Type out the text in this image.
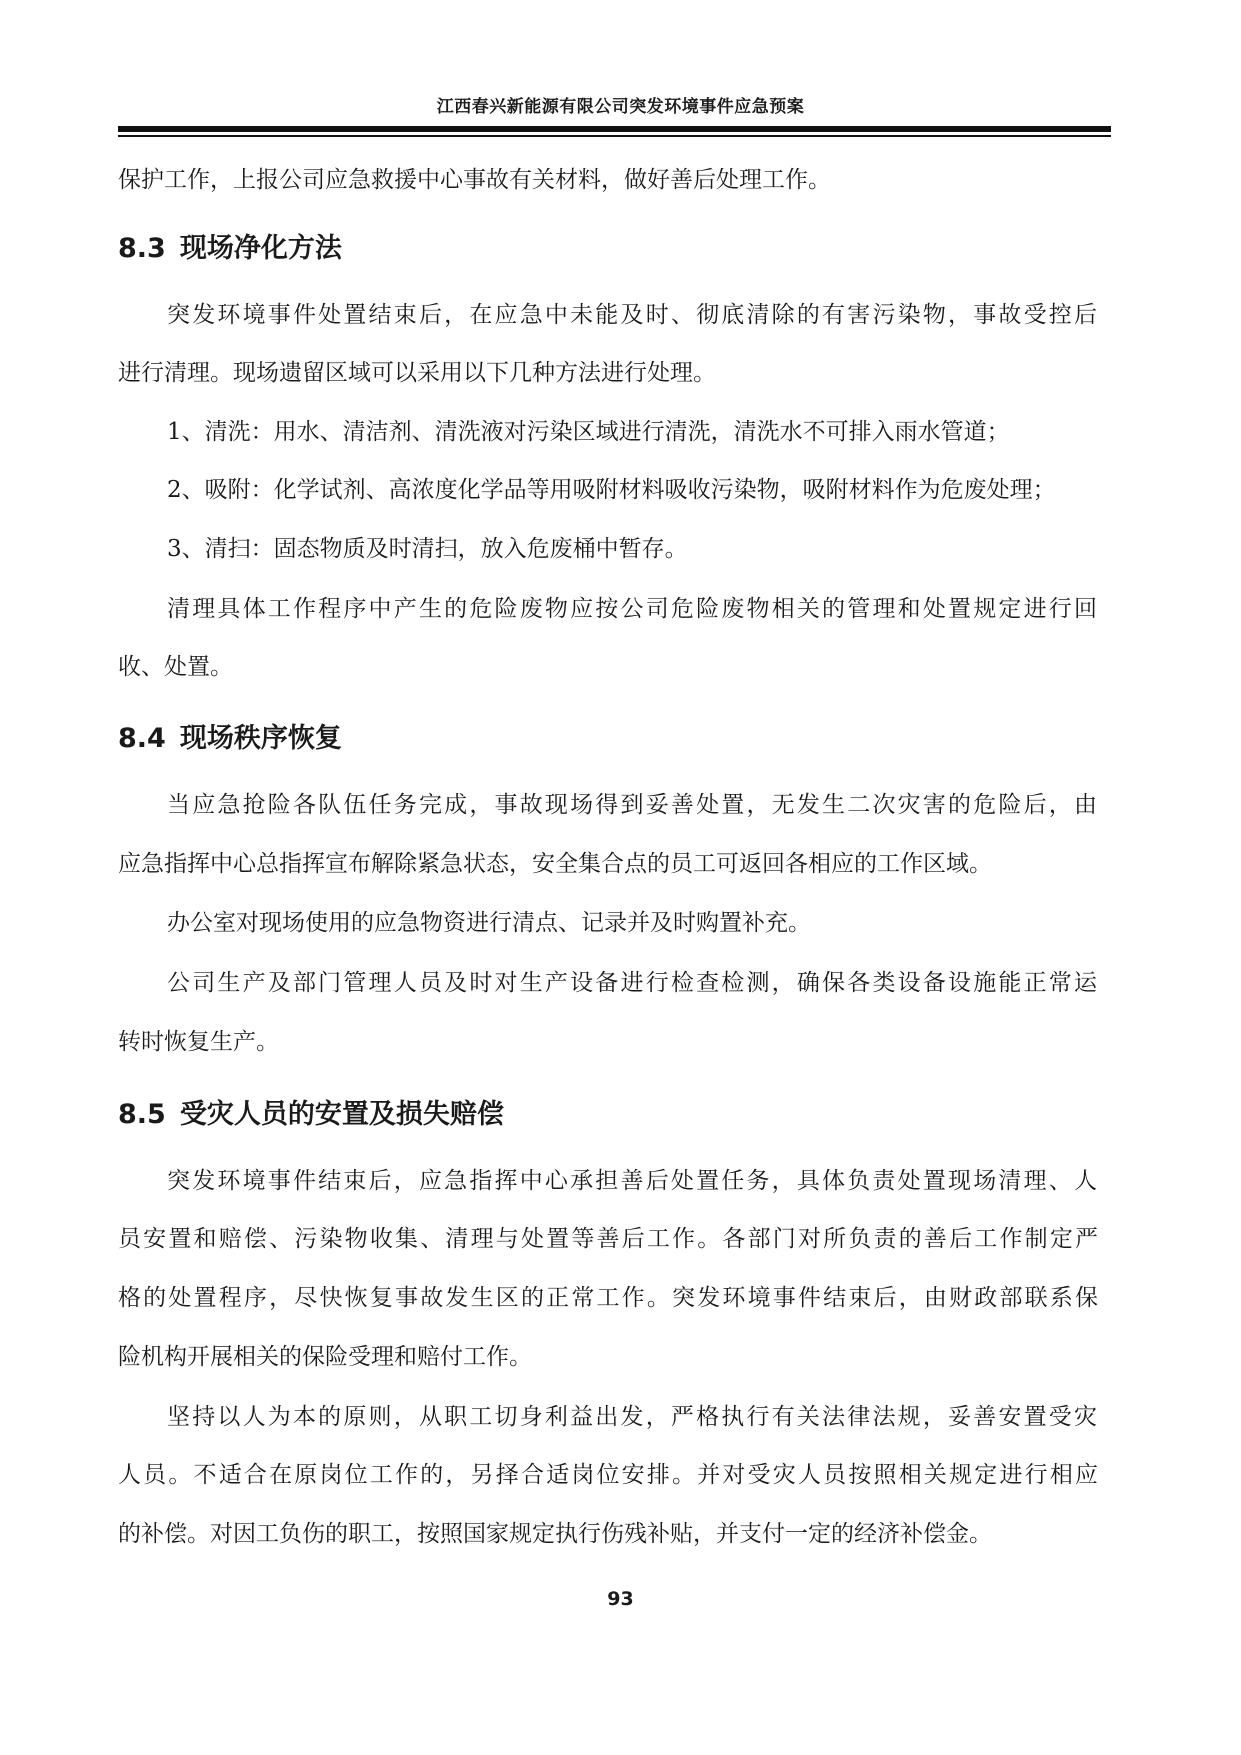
江西春兴新能源有限公司突发环境事件应急预案
保护工作，上报公司应急救援中心事故有关材料，做好善后处理工作。
8.3 现场净化方法
突发环境事件处置结束后，在应急中未能及时、彻底清除的有害污染物，事故受控后
进行清理。现场遗留区域可以采用以下几种方法进行处理。
1、清洗：用水、清洁剂、清洗液对污染区域进行清洗，清洗水不可排入雨水管道；
2、吸附：化学试剂、高浓度化学品等用吸附材料吸收污染物，吸附材料作为危废处理；
3、清扫：固态物质及时清扫，放入危废桶中暂存。
清理具体工作程序中产生的危险废物应按公司危险废物相关的管理和处置规定进行回
收、处置。
8.4 现场秩序恢复
当应急抢险各队伍任务完成，事故现场得到妥善处置，无发生二次灾害的危险后，由
应急指挥中心总指挥宣布解除紧急状态，安全集合点的员工可返回各相应的工作区域。
办公室对现场使用的应急物资进行清点、记录并及时购置补充。
公司生产及部门管理人员及时对生产设备进行检查检测，确保各类设备设施能正常运
转时恢复生产。
8.5 受灾人员的安置及损失赔偿
突发环境事件结束后，应急指挥中心承担善后处置任务，具体负责处置现场清理、人
员安置和赔偿、污染物收集、清理与处置等善后工作。各部门对所负责的善后工作制定严
格的处置程序，尽快恢复事故发生区的正常工作。突发环境事件结束后，由财政部联系保
险机构开展相关的保险受理和赔付工作。
坚持以人为本的原则，从职工切身利益出发，严格执行有关法律法规，妥善安置受灾
人员。不适合在原岗位工作的，另择合适岗位安排。并对受灾人员按照相关规定进行相应
的补偿。对因工负伤的职工，按照国家规定执行伤残补贴，并支付一定的经济补偿金。
93
